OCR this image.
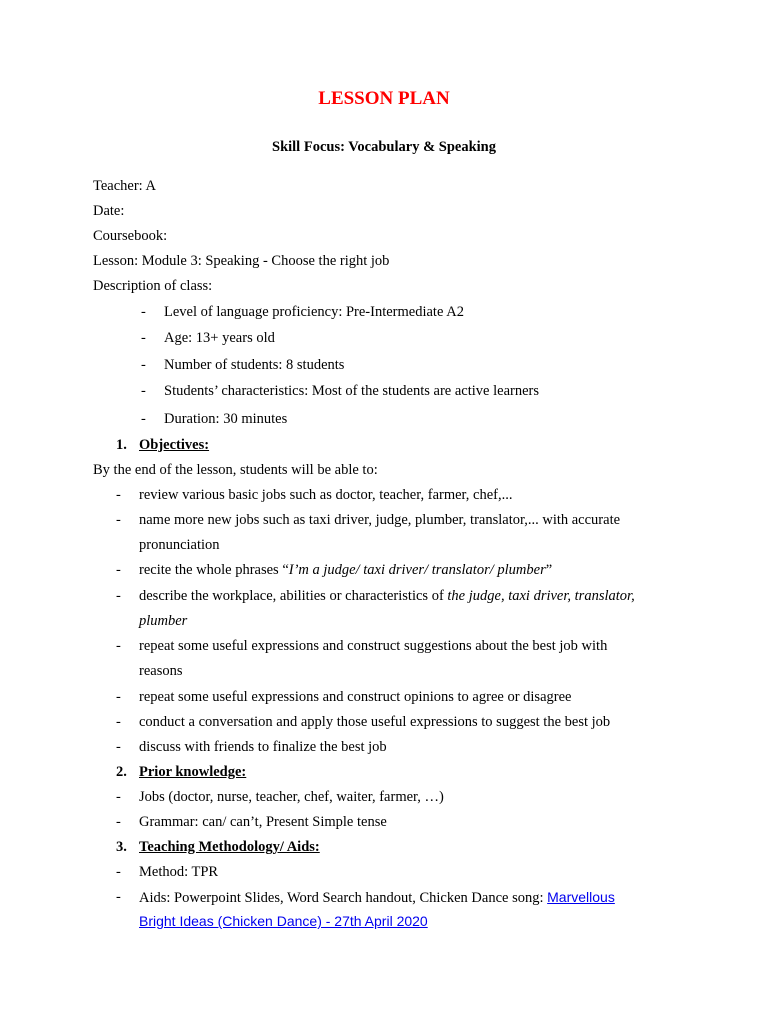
LESSON PLAN
Skill Focus: Vocabulary & Speaking
Teacher: A
Date:
Coursebook:
Lesson: Module 3: Speaking - Choose the right job
Description of class:
- Level of language proficiency: Pre-Intermediate A2
- Age: 13+ years old
- Number of students: 8 students
- Students’ characteristics: Most of the students are active learners
- Duration: 30 minutes
1. Objectives:
By the end of the lesson, students will be able to:
- review various basic jobs such as doctor, teacher, farmer, chef,...
- name more new jobs such as taxi driver, judge, plumber, translator,... with accurate
pronunciation
- recite the whole phrases “I’m a judge/ taxi driver/ translator/ plumber”
- describe the workplace, abilities or characteristics of the judge, taxi driver, translator,
plumber
- repeat some useful expressions and construct suggestions about the best job with
reasons
- repeat some useful expressions and construct opinions to agree or disagree
- conduct a conversation and apply those useful expressions to suggest the best job
- discuss with friends to finalize the best job
2. Prior knowledge:
- Jobs (doctor, nurse, teacher, chef, waiter, farmer, …)
- Grammar: can/ can’t, Present Simple tense
3. Teaching Methodology/ Aids:
- Method: TPR
- Aids: Powerpoint Slides, Word Search handout, Chicken Dance song: Marvellous
Bright Ideas (Chicken Dance) - 27th April 2020
